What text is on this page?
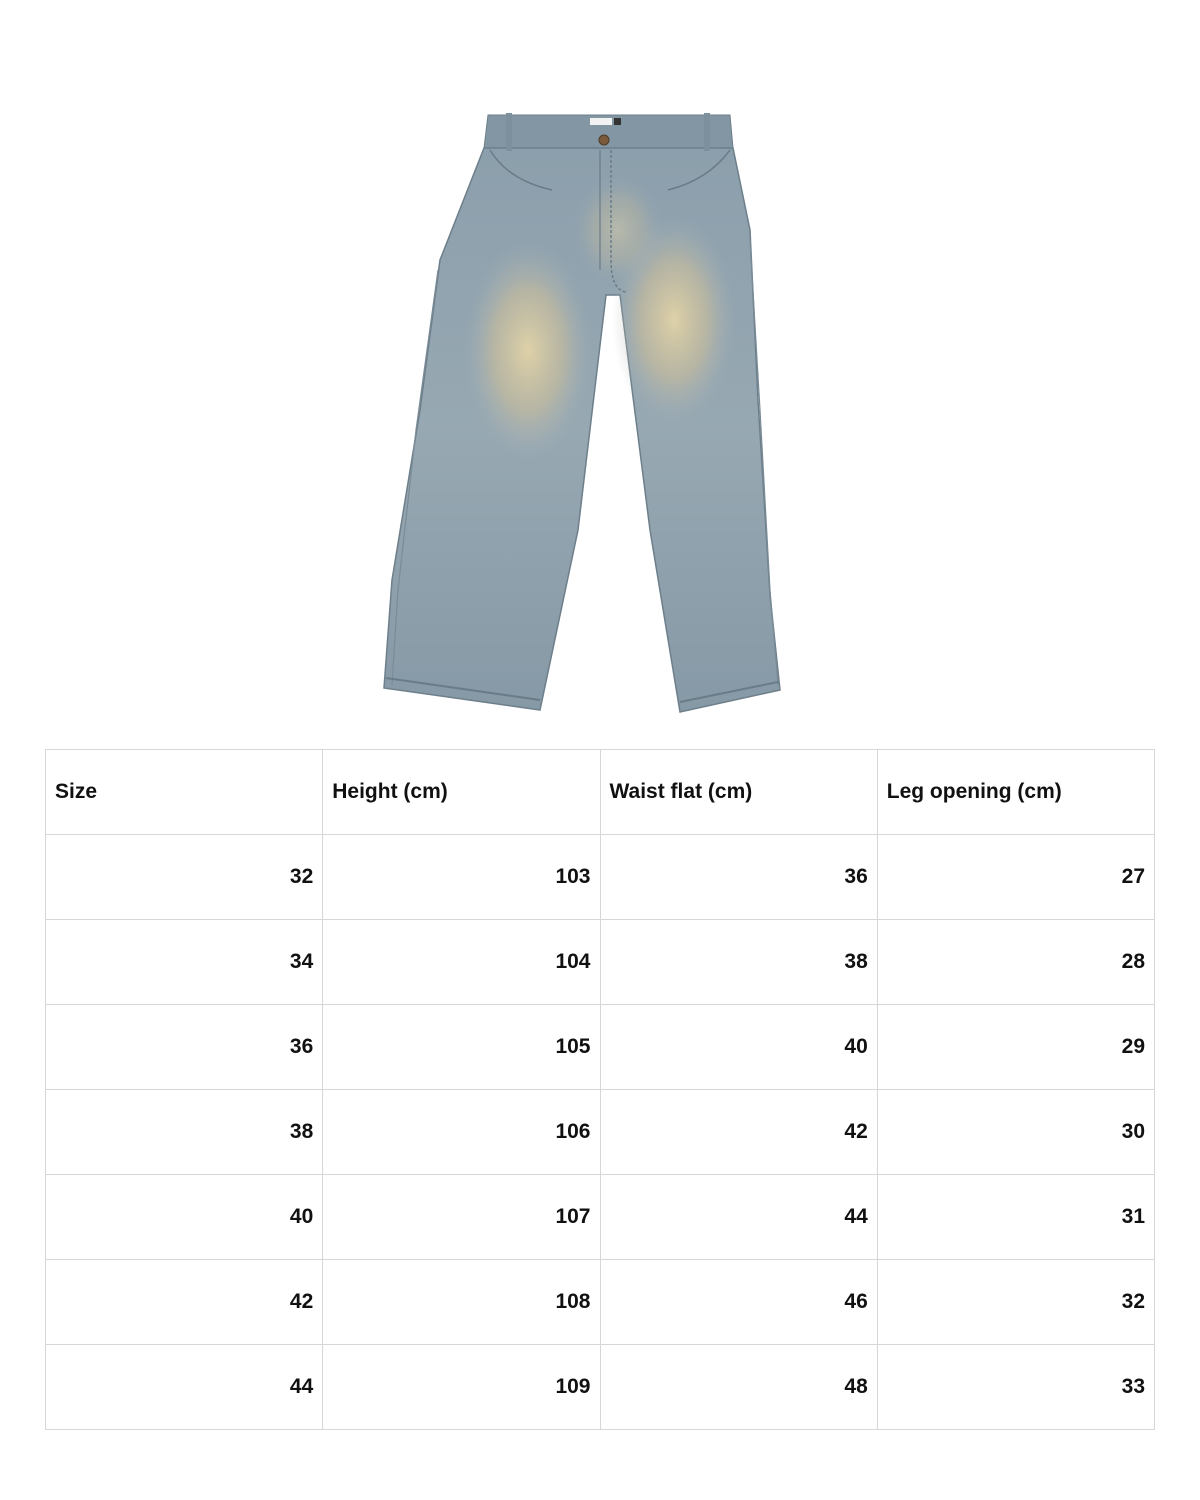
Size	Height (cm)	Waist flat (cm)	Leg opening (cm)
32	103	36	27
34	104	38	28
36	105	40	29
38	106	42	30
40	107	44	31
42	108	46	32
44	109	48	33
